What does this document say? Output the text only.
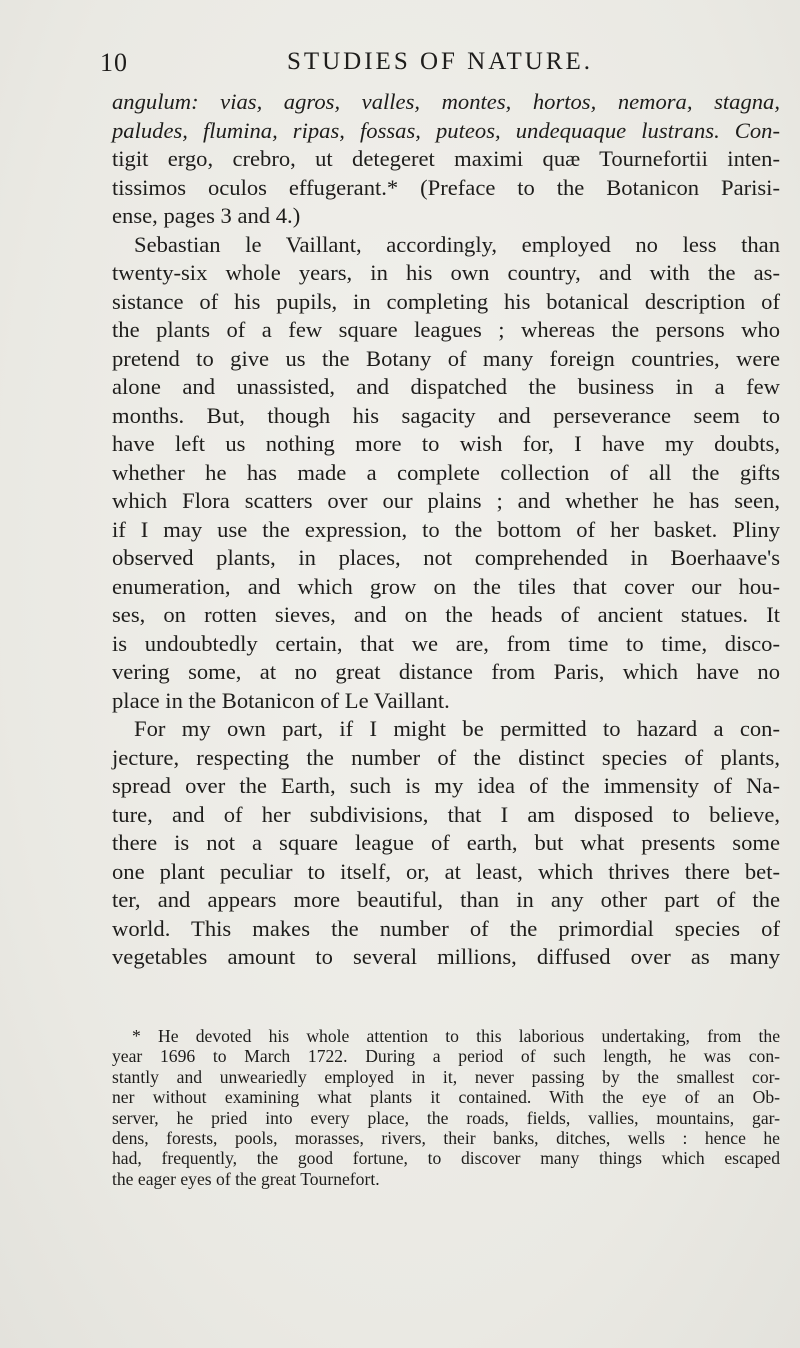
10	STUDIES OF NATURE.
angulum: vias, agros, valles, montes, hortos, nemora, stagna,
paludes, flumina, ripas, fossas, puteos, undequaque lustrans. Con-
tigit ergo, crebro, ut detegeret maximi quæ Tournefortii inten-
tissimos oculos effugerant.* (Preface to the Botanicon Parisi-
ense, pages 3 and 4.)
Sebastian le Vaillant, accordingly, employed no less than
twenty-six whole years, in his own country, and with the as-
sistance of his pupils, in completing his botanical description of
the plants of a few square leagues ; whereas the persons who
pretend to give us the Botany of many foreign countries, were
alone and unassisted, and dispatched the business in a few
months. But, though his sagacity and perseverance seem to
have left us nothing more to wish for, I have my doubts,
whether he has made a complete collection of all the gifts
which Flora scatters over our plains ; and whether he has seen,
if I may use the expression, to the bottom of her basket. Pliny
observed plants, in places, not comprehended in Boerhaave's
enumeration, and which grow on the tiles that cover our hou-
ses, on rotten sieves, and on the heads of ancient statues. It
is undoubtedly certain, that we are, from time to time, disco-
vering some, at no great distance from Paris, which have no
place in the Botanicon of Le Vaillant.
For my own part, if I might be permitted to hazard a con-
jecture, respecting the number of the distinct species of plants,
spread over the Earth, such is my idea of the immensity of Na-
ture, and of her subdivisions, that I am disposed to believe,
there is not a square league of earth, but what presents some
one plant peculiar to itself, or, at least, which thrives there bet-
ter, and appears more beautiful, than in any other part of the
world. This makes the number of the primordial species of
vegetables amount to several millions, diffused over as many
* He devoted his whole attention to this laborious undertaking, from the
year 1696 to March 1722. During a period of such length, he was con-
stantly and unweariedly employed in it, never passing by the smallest cor-
ner without examining what plants it contained. With the eye of an Ob-
server, he pried into every place, the roads, fields, vallies, mountains, gar-
dens, forests, pools, morasses, rivers, their banks, ditches, wells : hence he
had, frequently, the good fortune, to discover many things which escaped
the eager eyes of the great Tournefort.
